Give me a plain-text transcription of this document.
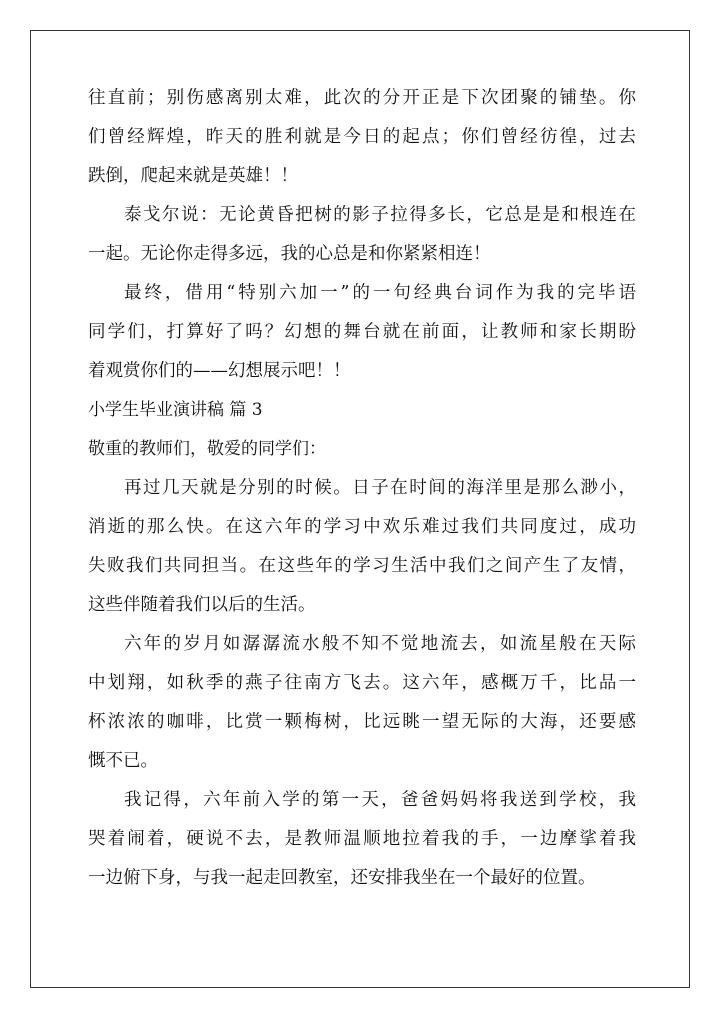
往直前；别伤感离别太难，此次的分开正是下次团聚的铺垫。你
们曾经辉煌，昨天的胜利就是今日的起点；你们曾经彷徨，过去
跌倒，爬起来就是英雄！！
泰戈尔说：无论黄昏把树的影子拉得多长，它总是是和根连在
一起。无论你走得多远，我的心总是和你紧紧相连！
最终，借用“特别六加一”的一句经典台词作为我的完毕语
同学们，打算好了吗？幻想的舞台就在前面，让教师和家长期盼
着观赏你们的——幻想展示吧！！
小学生毕业演讲稿 篇 3
敬重的教师们，敬爱的同学们：
再过几天就是分别的时候。日子在时间的海洋里是那么渺小，
消逝的那么快。在这六年的学习中欢乐难过我们共同度过，成功
失败我们共同担当。在这些年的学习生活中我们之间产生了友情，
这些伴随着我们以后的生活。
六年的岁月如潺潺流水般不知不觉地流去，如流星般在天际
中划翔，如秋季的燕子往南方飞去。这六年，感概万千，比品一
杯浓浓的咖啡，比赏一颗梅树，比远眺一望无际的大海，还要感
慨不已。
我记得，六年前入学的第一天，爸爸妈妈将我送到学校，我
哭着闹着，硬说不去，是教师温顺地拉着我的手，一边摩挲着我
一边俯下身，与我一起走回教室，还安排我坐在一个最好的位置。
